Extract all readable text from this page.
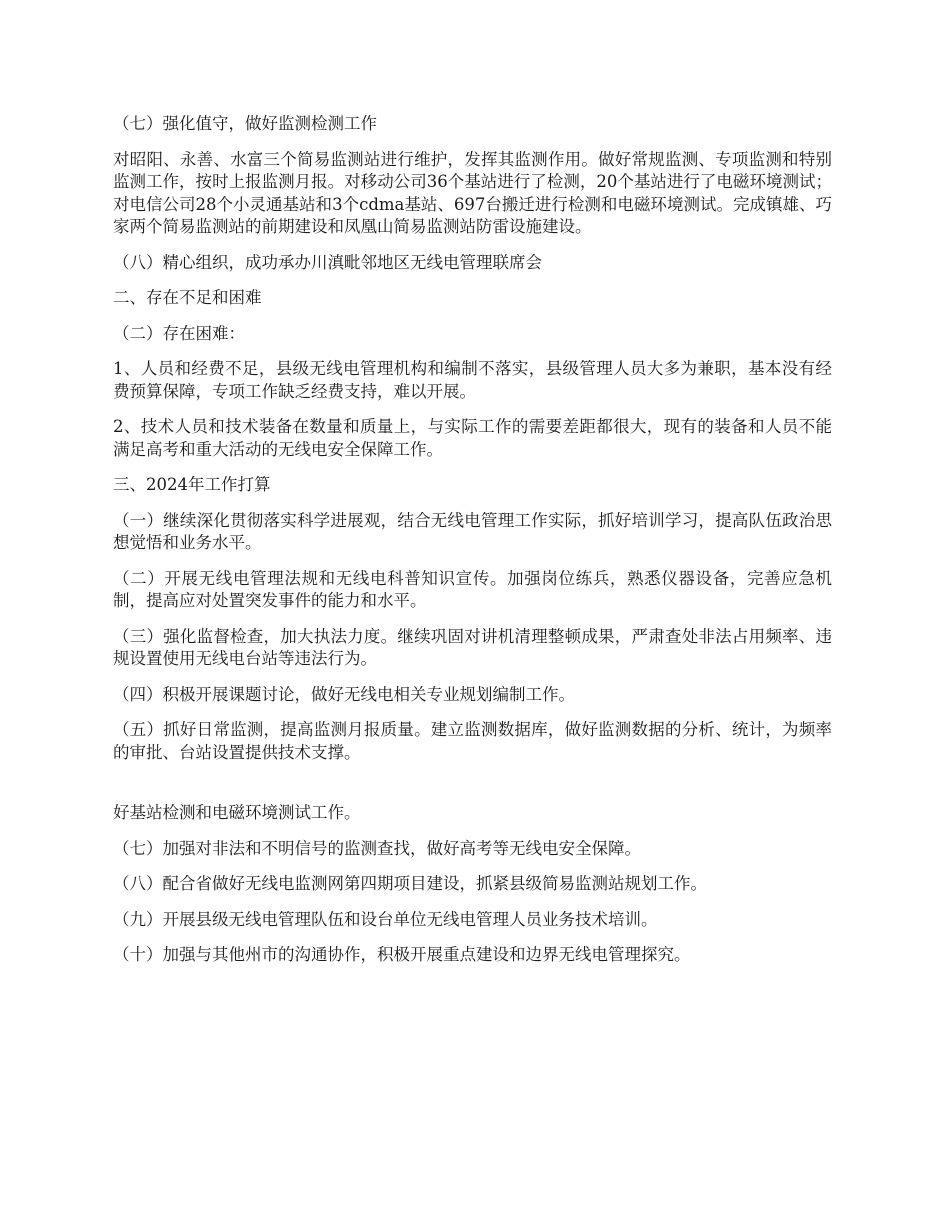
（七）强化值守，做好监测检测工作

对昭阳、永善、水富三个简易监测站进行维护，发挥其监测作用。做好常规监测、专项监测和特别监测工作，按时上报监测月报。对移动公司36个基站进行了检测，20个基站进行了电磁环境测试；对电信公司28个小灵通基站和3个cdma基站、697台搬迁进行检测和电磁环境测试。完成镇雄、巧家两个简易监测站的前期建设和凤凰山简易监测站防雷设施建设。

（八）精心组织，成功承办川滇毗邻地区无线电管理联席会

二、存在不足和困难

（二）存在困难：

1、人员和经费不足，县级无线电管理机构和编制不落实，县级管理人员大多为兼职，基本没有经费预算保障，专项工作缺乏经费支持，难以开展。

2、技术人员和技术装备在数量和质量上，与实际工作的需要差距都很大，现有的装备和人员不能满足高考和重大活动的无线电安全保障工作。

三、2024年工作打算

（一）继续深化贯彻落实科学进展观，结合无线电管理工作实际，抓好培训学习，提高队伍政治思想觉悟和业务水平。

（二）开展无线电管理法规和无线电科普知识宣传。加强岗位练兵，熟悉仪器设备，完善应急机制，提高应对处置突发事件的能力和水平。

（三）强化监督检查，加大执法力度。继续巩固对讲机清理整顿成果，严肃查处非法占用频率、违规设置使用无线电台站等违法行为。

（四）积极开展课题讨论，做好无线电相关专业规划编制工作。

（五）抓好日常监测，提高监测月报质量。建立监测数据库，做好监测数据的分析、统计，为频率的审批、台站设置提供技术支撑。

好基站检测和电磁环境测试工作。

（七）加强对非法和不明信号的监测查找，做好高考等无线电安全保障。

（八）配合省做好无线电监测网第四期项目建设，抓紧县级简易监测站规划工作。

（九）开展县级无线电管理队伍和设台单位无线电管理人员业务技术培训。

（十）加强与其他州市的沟通协作，积极开展重点建设和边界无线电管理探究。
